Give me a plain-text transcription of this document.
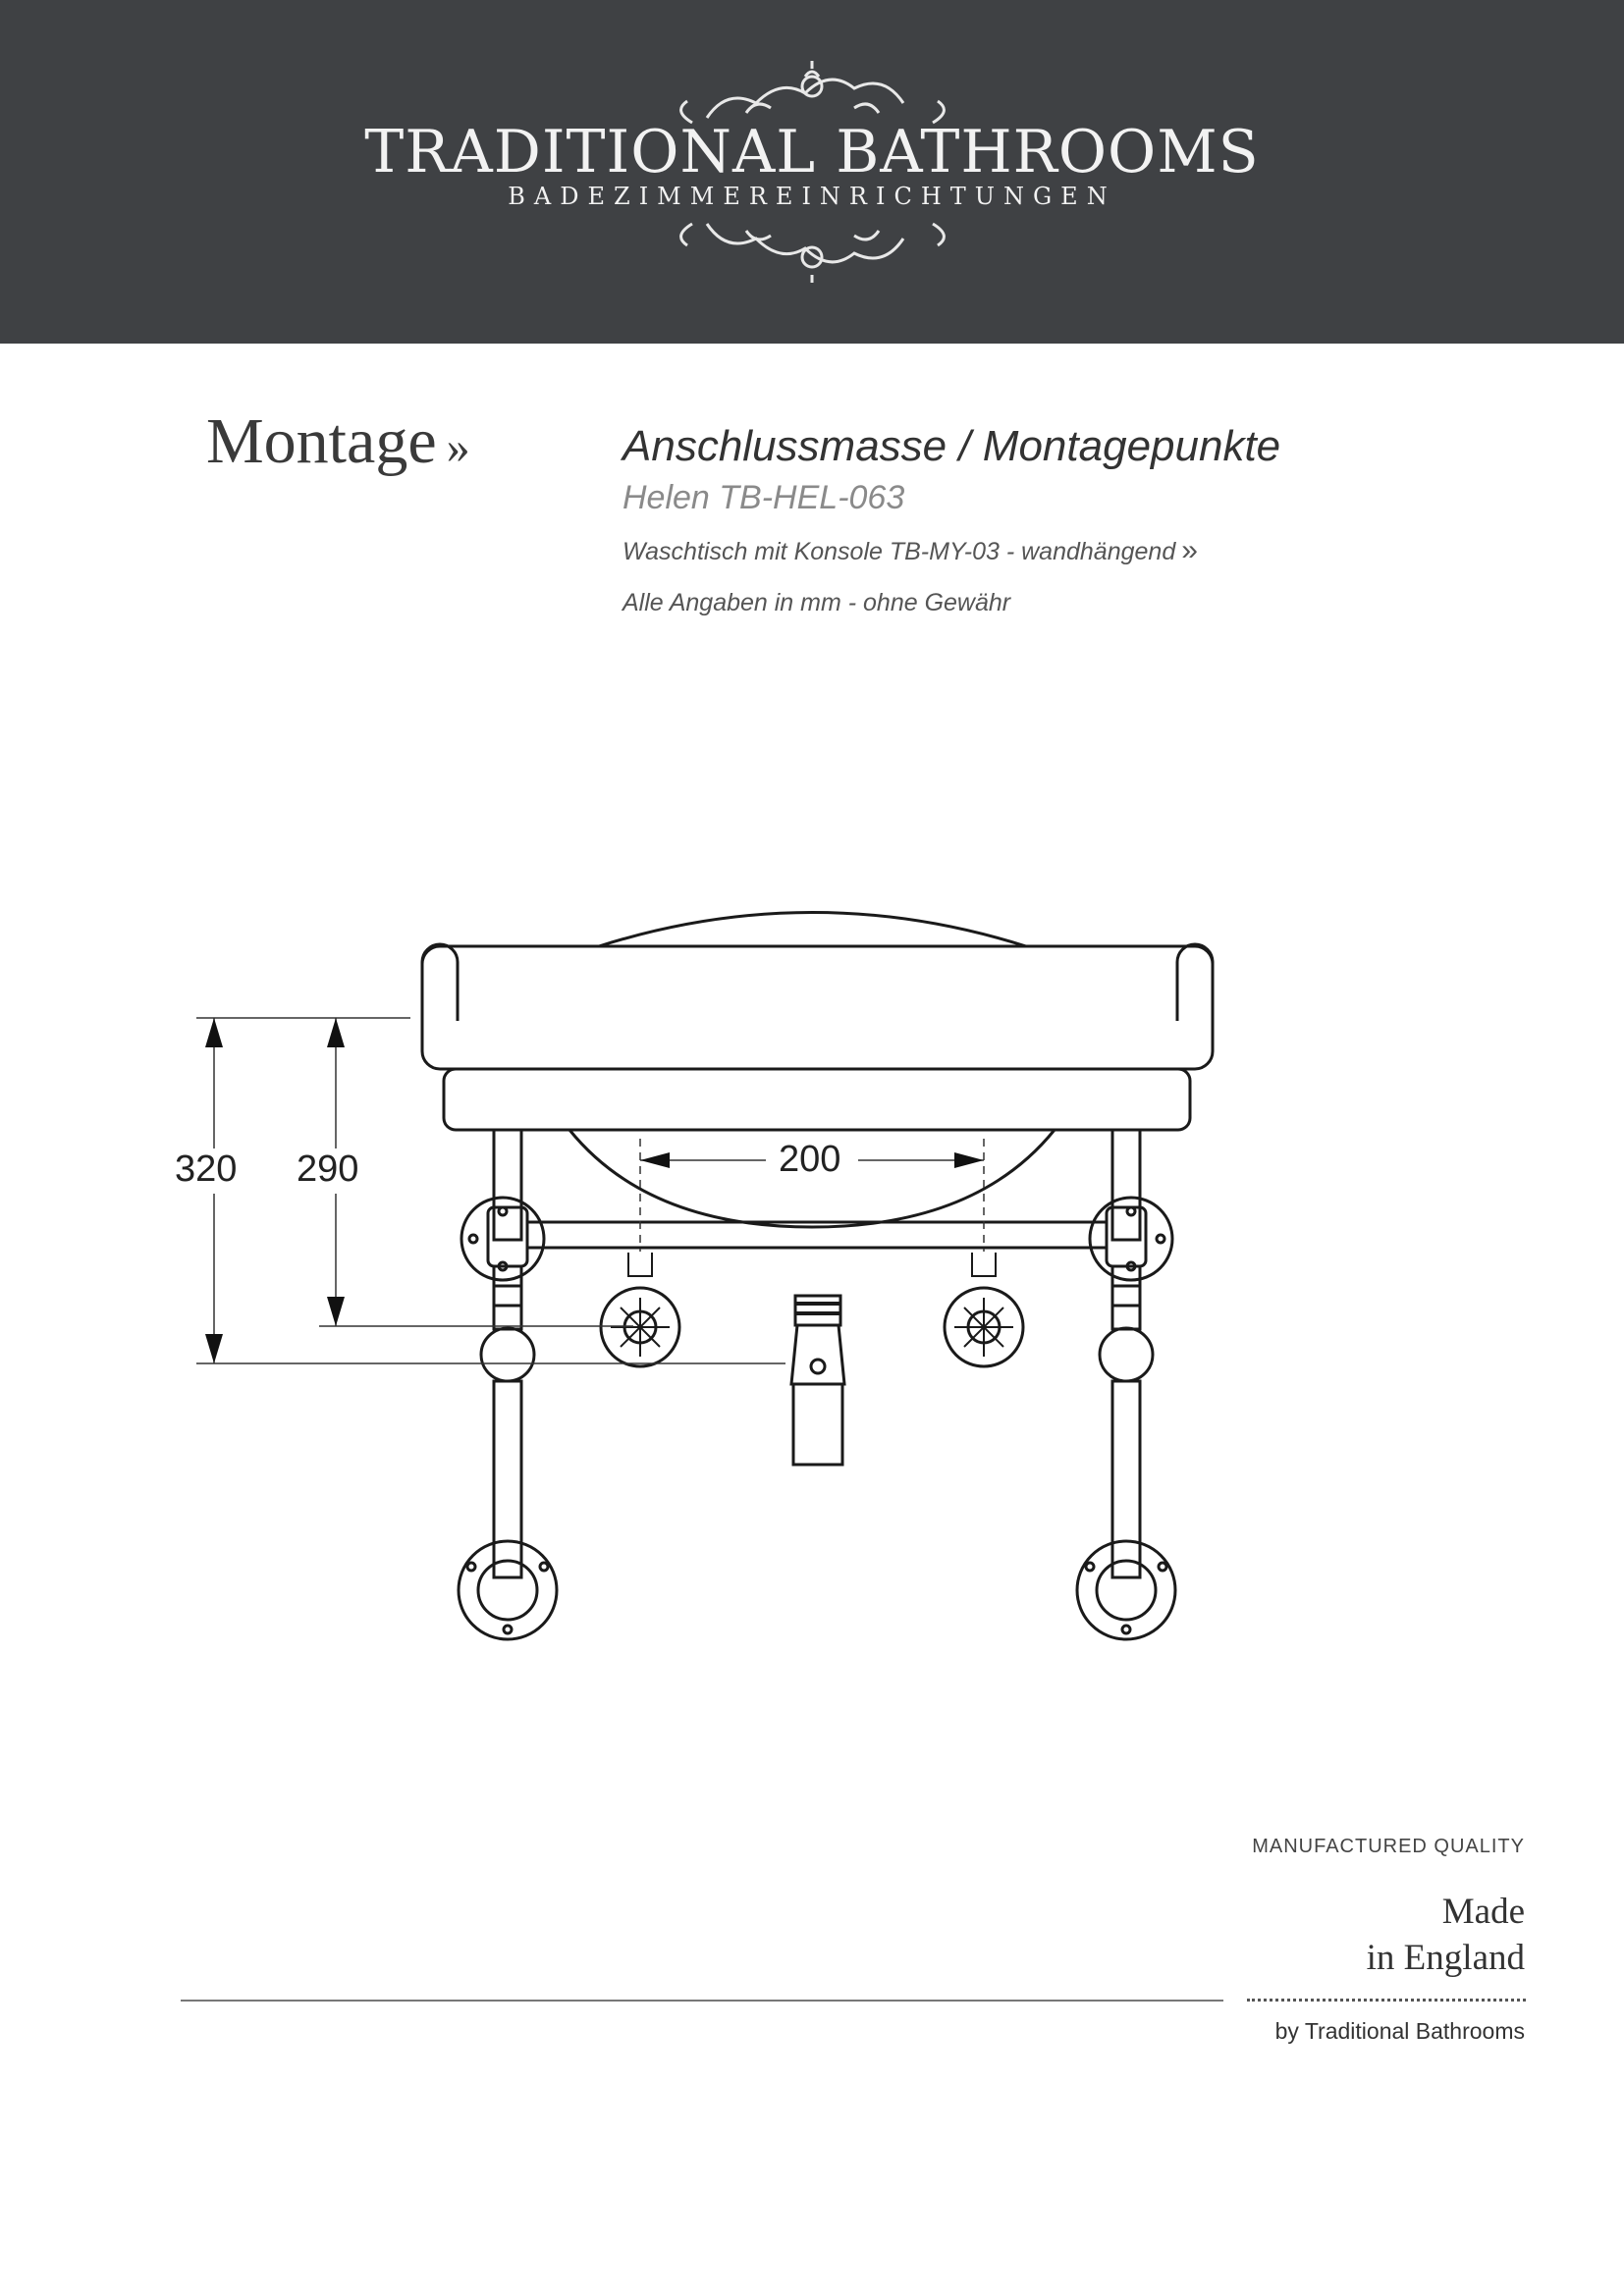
TRADITIONAL BATHROOMS
BADEZIMMEREINRICHTUNGEN
Montage »	Anschlussmasse / Montagepunkte
Helen TB-HEL-063
Waschtisch mit Konsole TB-MY-03 - wandhängend »
Alle Angaben in mm - ohne Gewähr
320 290	200
MANUFACTURED QUALITY
Made
in England
by Traditional Bathrooms
